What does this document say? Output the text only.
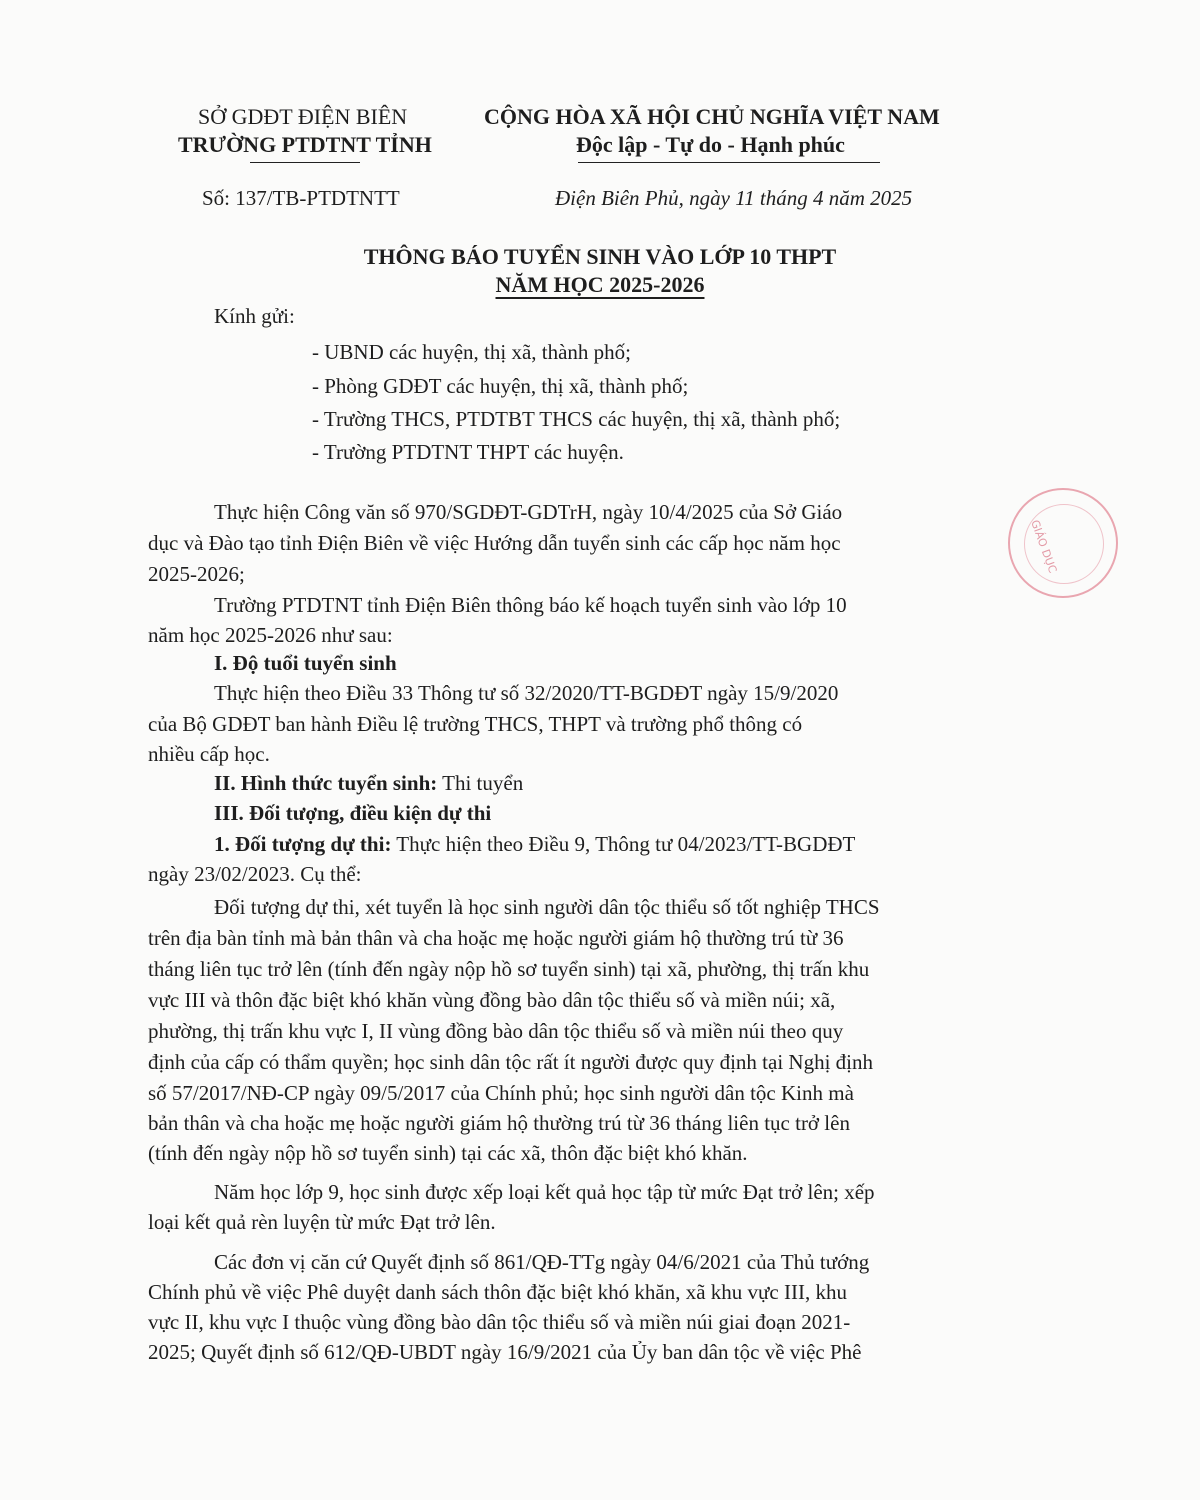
SỞ GDĐT ĐIỆN BIÊN
TRƯỜNG PTDTNT TỈNH
CỘNG HÒA XÃ HỘI CHỦ NGHĨA VIỆT NAM
Độc lập - Tự do - Hạnh phúc
Số: 137/TB-PTDTNTT	Điện Biên Phủ, ngày 11 tháng 4 năm 2025
THÔNG BÁO TUYỂN SINH VÀO LỚP 10 THPT
NĂM HỌC 2025-2026
Kính gửi:
- UBND các huyện, thị xã, thành phố;
- Phòng GDĐT các huyện, thị xã, thành phố;
- Trường THCS, PTDTBT THCS các huyện, thị xã, thành phố;
- Trường PTDTNT THPT các huyện.
Thực hiện Công văn số 970/SGDĐT-GDTrH, ngày 10/4/2025 của Sở Giáo
dục và Đào tạo tỉnh Điện Biên về việc Hướng dẫn tuyển sinh các cấp học năm học
2025-2026;
Trường PTDTNT tỉnh Điện Biên thông báo kế hoạch tuyển sinh vào lớp 10
năm học 2025-2026 như sau:
I. Độ tuổi tuyển sinh
Thực hiện theo Điều 33 Thông tư số 32/2020/TT-BGDĐT ngày 15/9/2020
của Bộ GDĐT ban hành Điều lệ trường THCS, THPT và trường phổ thông có
nhiều cấp học.
II. Hình thức tuyển sinh: Thi tuyển
III. Đối tượng, điều kiện dự thi
1. Đối tượng dự thi: Thực hiện theo Điều 9, Thông tư 04/2023/TT-BGDĐT
ngày 23/02/2023. Cụ thể:
Đối tượng dự thi, xét tuyển là học sinh người dân tộc thiểu số tốt nghiệp THCS
trên địa bàn tỉnh mà bản thân và cha hoặc mẹ hoặc người giám hộ thường trú từ 36
tháng liên tục trở lên (tính đến ngày nộp hồ sơ tuyển sinh) tại xã, phường, thị trấn khu
vực III và thôn đặc biệt khó khăn vùng đồng bào dân tộc thiểu số và miền núi; xã,
phường, thị trấn khu vực I, II vùng đồng bào dân tộc thiểu số và miền núi theo quy
định của cấp có thẩm quyền; học sinh dân tộc rất ít người được quy định tại Nghị định
số 57/2017/NĐ-CP ngày 09/5/2017 của Chính phủ; học sinh người dân tộc Kinh mà
bản thân và cha hoặc mẹ hoặc người giám hộ thường trú từ 36 tháng liên tục trở lên
(tính đến ngày nộp hồ sơ tuyển sinh) tại các xã, thôn đặc biệt khó khăn.
Năm học lớp 9, học sinh được xếp loại kết quả học tập từ mức Đạt trở lên; xếp
loại kết quả rèn luyện từ mức Đạt trở lên.
Các đơn vị căn cứ Quyết định số 861/QĐ-TTg ngày 04/6/2021 của Thủ tướng
Chính phủ về việc Phê duyệt danh sách thôn đặc biệt khó khăn, xã khu vực III, khu
vực II, khu vực I thuộc vùng đồng bào dân tộc thiểu số và miền núi giai đoạn 2021-
2025; Quyết định số 612/QĐ-UBDT ngày 16/9/2021 của Ủy ban dân tộc về việc Phê
GIÁO DỤC
